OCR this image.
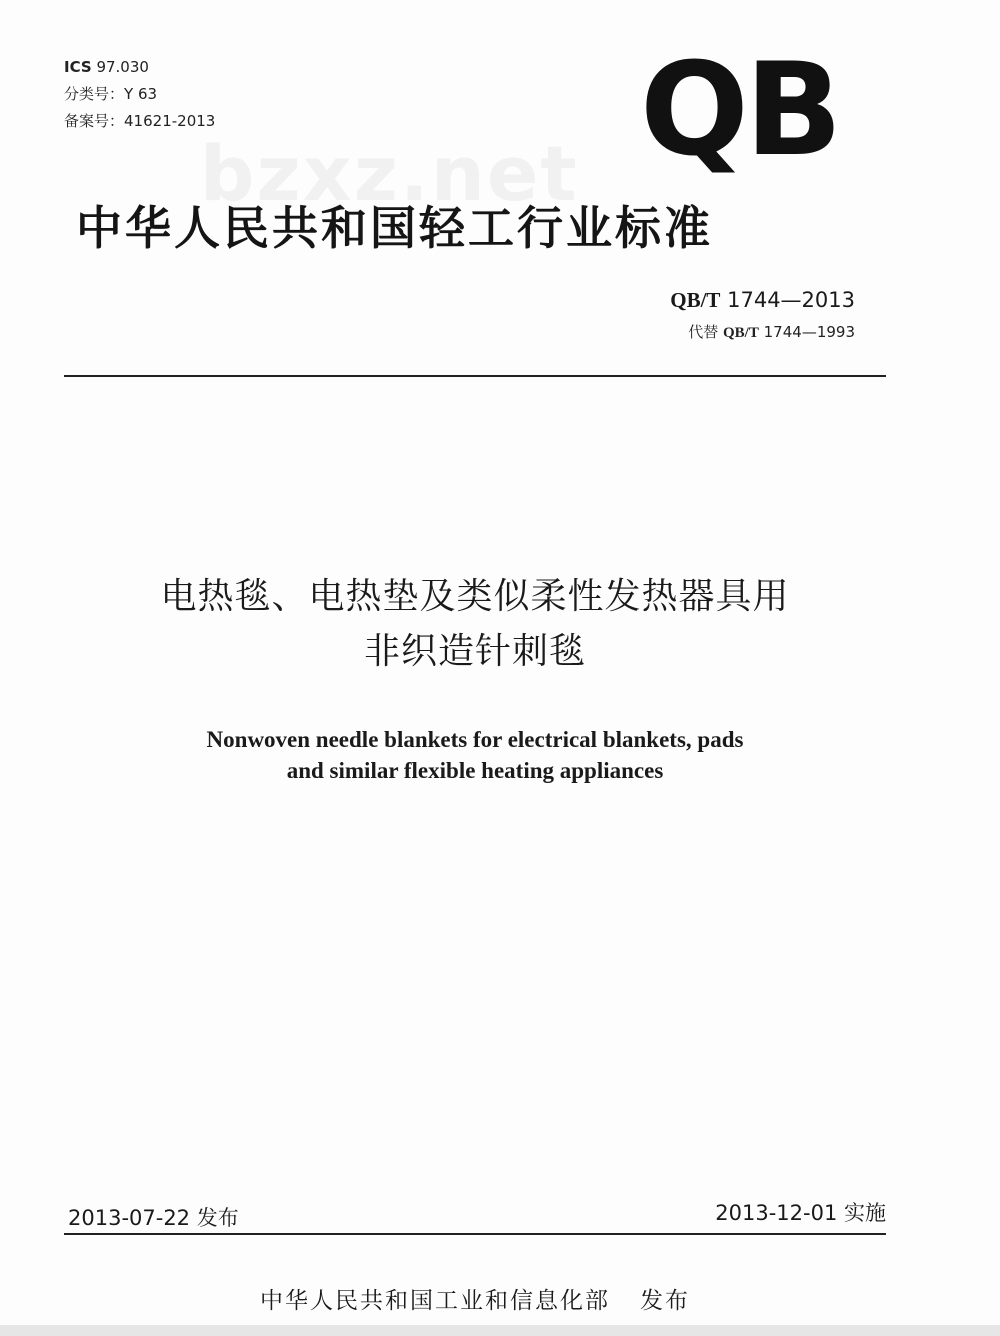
ICS 97.030
分类号：Y 63
备案号：41621-2013	QB
bzxz.net
中华人民共和国轻工行业标准
QB/T 1744—2013
代替 QB/T 1744—1993
电热毯、电热垫及类似柔性发热器具用
非织造针刺毯
Nonwoven needle blankets for electrical blankets, pads
and similar flexible heating appliances
2013-07-22 发布	2013-12-01 实施
中华人民共和国工业和信息化部 发布
